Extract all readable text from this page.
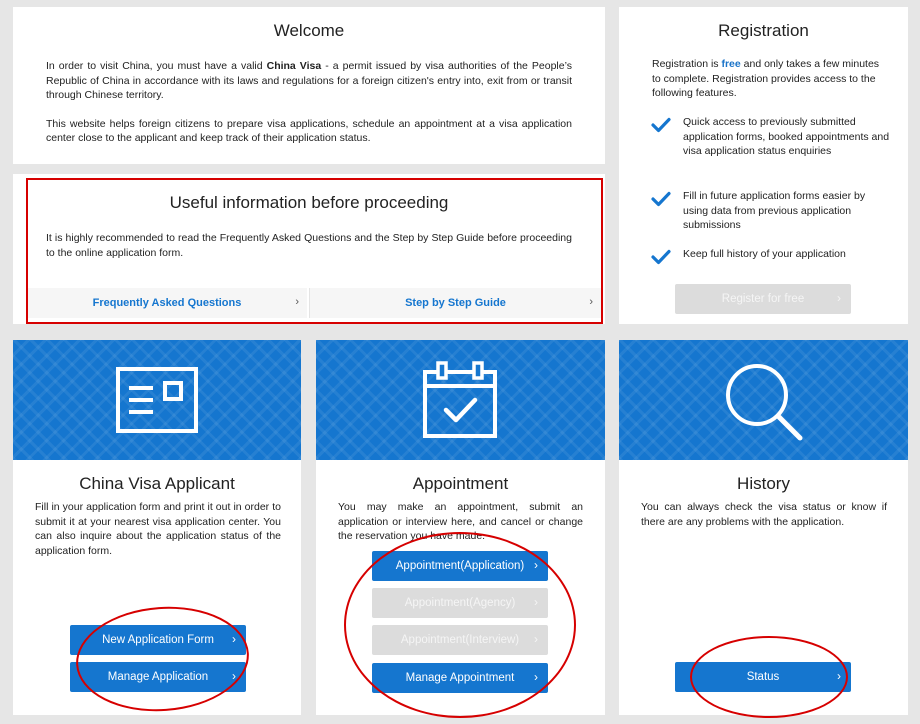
Welcome
In order to visit China, you must have a valid China Visa - a permit issued by visa authorities of the People’s Republic of China in accordance with its laws and regulations for a foreign citizen's entry into, exit from or transit through Chinese territory.
This website helps foreign citizens to prepare visa applications, schedule an appointment at a visa application center close to the applicant and keep track of their application status.
Useful information before proceeding
It is highly recommended to read the Frequently Asked Questions and the Step by Step Guide before proceeding to the online application form.
Frequently Asked Questions	›	Step by Step Guide	›
Registration
Registration is free and only takes a few minutes to complete. Registration provides access to the following features.
Quick access to previously submitted application forms, booked appointments and visa application status enquiries
Fill in future application forms easier by using data from previous application submissions
Keep full history of your application
Register for free	›
China Visa Applicant
Fill in your application form and print it out in order to submit it at your nearest visa application center. You can also inquire about the application status of the application form.
New Application Form ›
Manage Application ›
Appointment
You may make an appointment, submit an application or interview here, and cancel or change the reservation you have made.
Appointment(Application) ›
Appointment(Agency) ›
Appointment(Interview) ›
Manage Appointment ›
History
You can always check the visa status or know if there are any problems with the application.
Status	›
